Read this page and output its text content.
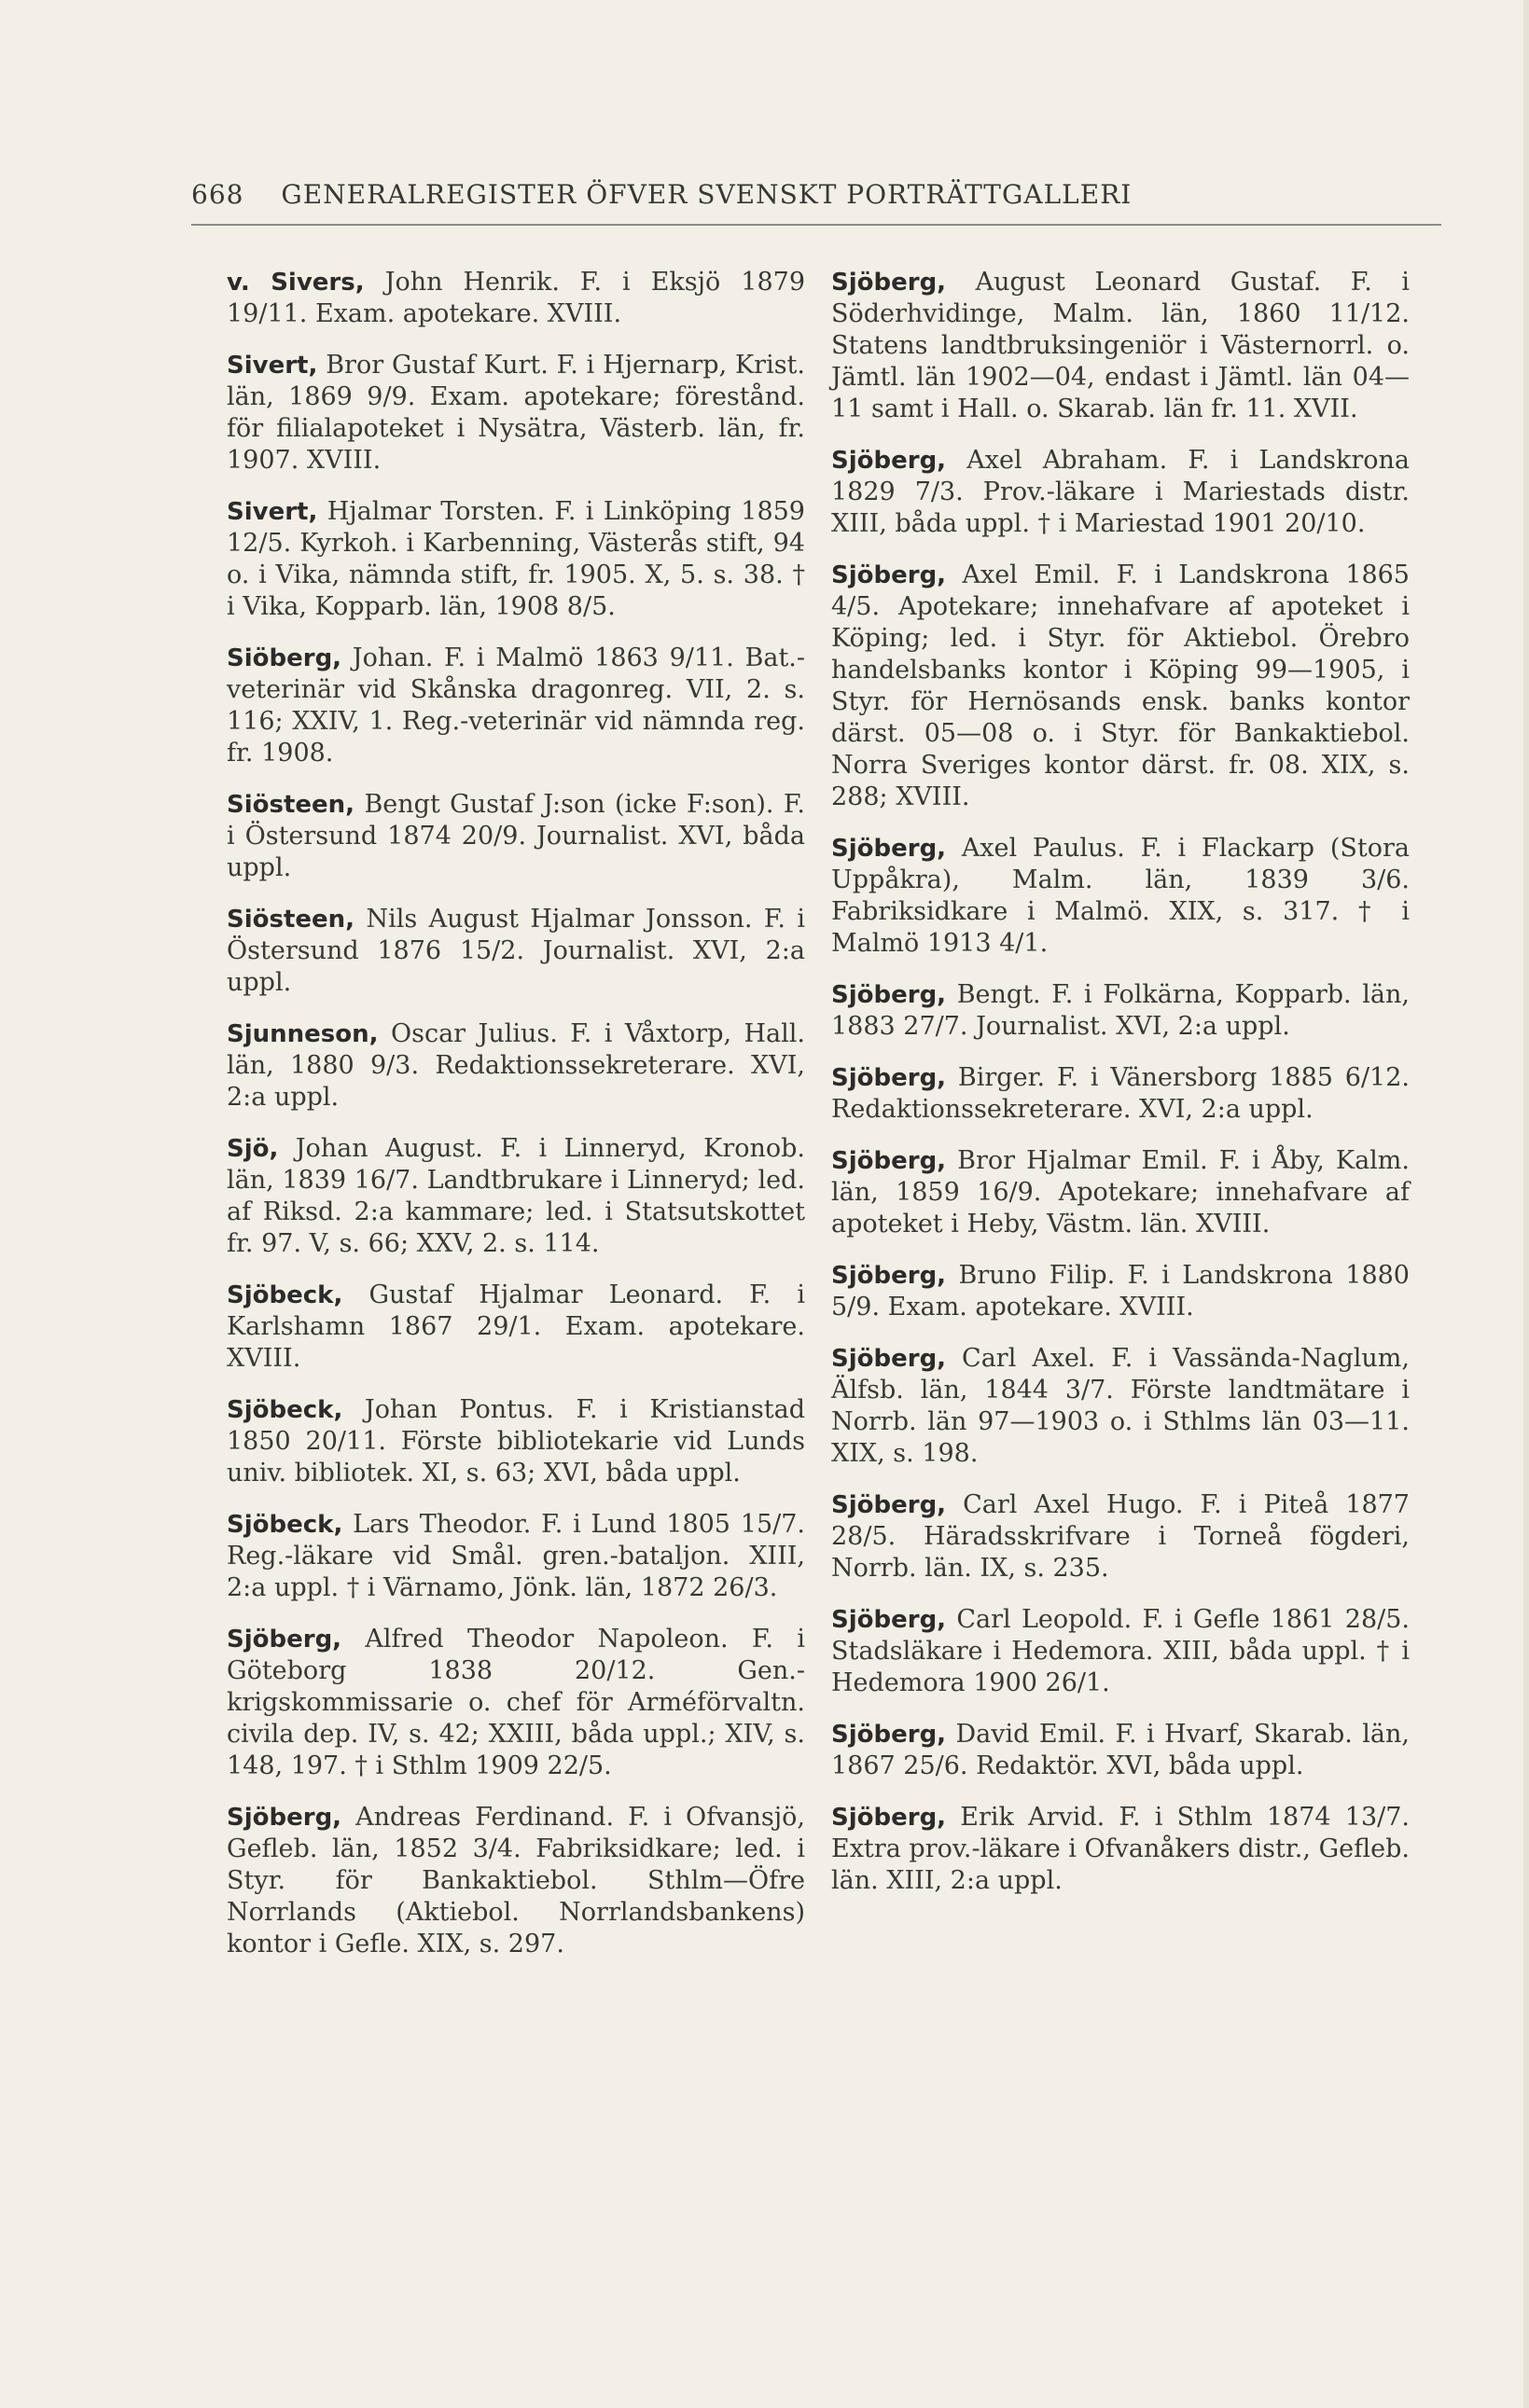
668 GENERALREGISTER ÖFVER SVENSKT PORTRÄTTGALLERI

v. Sivers, John Henrik. F. i Eksjö 1879 19/11. Exam. apotekare. XVIII.

Sivert, Bror Gustaf Kurt. F. i Hjernarp, Krist. län, 1869 9/9. Exam. apotekare; förestånd. för filialapoteket i Nysätra, Västerb. län, fr. 1907. XVIII.

Sivert, Hjalmar Torsten. F. i Linköping 1859 12/5. Kyrkoh. i Karbenning, Västerås stift, 94 o. i Vika, nämnda stift, fr. 1905. X, 5. s. 38. † i Vika, Kopparb. län, 1908 8/5.

Siöberg, Johan. F. i Malmö 1863 9/11. Bat.-veterinär vid Skånska dragonreg. VII, 2. s. 116; XXIV, 1. Reg.-veterinär vid nämnda reg. fr. 1908.

Siösteen, Bengt Gustaf J:son (icke F:son). F. i Östersund 1874 20/9. Journalist. XVI, båda uppl.

Siösteen, Nils August Hjalmar Jonsson. F. i Östersund 1876 15/2. Journalist. XVI, 2:a uppl.

Sjunneson, Oscar Julius. F. i Våxtorp, Hall. län, 1880 9/3. Redaktionssekreterare. XVI, 2:a uppl.

Sjö, Johan August. F. i Linneryd, Kronob. län, 1839 16/7. Landtbrukare i Linneryd; led. af Riksd. 2:a kammare; led. i Statsutskottet fr. 97. V, s. 66; XXV, 2. s. 114.

Sjöbeck, Gustaf Hjalmar Leonard. F. i Karlshamn 1867 29/1. Exam. apotekare. XVIII.

Sjöbeck, Johan Pontus. F. i Kristianstad 1850 20/11. Förste bibliotekarie vid Lunds univ. bibliotek. XI, s. 63; XVI, båda uppl.

Sjöbeck, Lars Theodor. F. i Lund 1805 15/7. Reg.-läkare vid Smål. gren.-bataljon. XIII, 2:a uppl. † i Värnamo, Jönk. län, 1872 26/3.

Sjöberg, Alfred Theodor Napoleon. F. i Göteborg 1838 20/12. Gen.-krigskommissarie o. chef för Arméförvaltn. civila dep. IV, s. 42; XXIII, båda uppl.; XIV, s. 148, 197. † i Sthlm 1909 22/5.

Sjöberg, Andreas Ferdinand. F. i Ofvansjö, Gefleb. län, 1852 3/4. Fabriksidkare; led. i Styr. för Bankaktiebol. Sthlm—Öfre Norrlands (Aktiebol. Norrlandsbankens) kontor i Gefle. XIX, s. 297.

Sjöberg, August Leonard Gustaf. F. i Söderhvidinge, Malm. län, 1860 11/12. Statens landtbruksingeniör i Västernorrl. o. Jämtl. län 1902—04, endast i Jämtl. län 04—11 samt i Hall. o. Skarab. län fr. 11. XVII.

Sjöberg, Axel Abraham. F. i Landskrona 1829 7/3. Prov.-läkare i Mariestads distr. XIII, båda uppl. † i Mariestad 1901 20/10.

Sjöberg, Axel Emil. F. i Landskrona 1865 4/5. Apotekare; innehafvare af apoteket i Köping; led. i Styr. för Aktiebol. Örebro handelsbanks kontor i Köping 99—1905, i Styr. för Hernösands ensk. banks kontor därst. 05—08 o. i Styr. för Bankaktiebol. Norra Sveriges kontor därst. fr. 08. XIX, s. 288; XVIII.

Sjöberg, Axel Paulus. F. i Flackarp (Stora Uppåkra), Malm. län, 1839 3/6. Fabriksidkare i Malmö. XIX, s. 317. † i Malmö 1913 4/1.

Sjöberg, Bengt. F. i Folkärna, Kopparb. län, 1883 27/7. Journalist. XVI, 2:a uppl.

Sjöberg, Birger. F. i Vänersborg 1885 6/12. Redaktionssekreterare. XVI, 2:a uppl.

Sjöberg, Bror Hjalmar Emil. F. i Åby, Kalm. län, 1859 16/9. Apotekare; innehafvare af apoteket i Heby, Västm. län. XVIII.

Sjöberg, Bruno Filip. F. i Landskrona 1880 5/9. Exam. apotekare. XVIII.

Sjöberg, Carl Axel. F. i Vassända-Naglum, Älfsb. län, 1844 3/7. Förste landtmätare i Norrb. län 97—1903 o. i Sthlms län 03—11. XIX, s. 198.

Sjöberg, Carl Axel Hugo. F. i Piteå 1877 28/5. Häradsskrifvare i Torneå fögderi, Norrb. län. IX, s. 235.

Sjöberg, Carl Leopold. F. i Gefle 1861 28/5. Stadsläkare i Hedemora. XIII, båda uppl. † i Hedemora 1900 26/1.

Sjöberg, David Emil. F. i Hvarf, Skarab. län, 1867 25/6. Redaktör. XVI, båda uppl.

Sjöberg, Erik Arvid. F. i Sthlm 1874 13/7. Extra prov.-läkare i Ofvanåkers distr., Gefleb. län. XIII, 2:a uppl.
